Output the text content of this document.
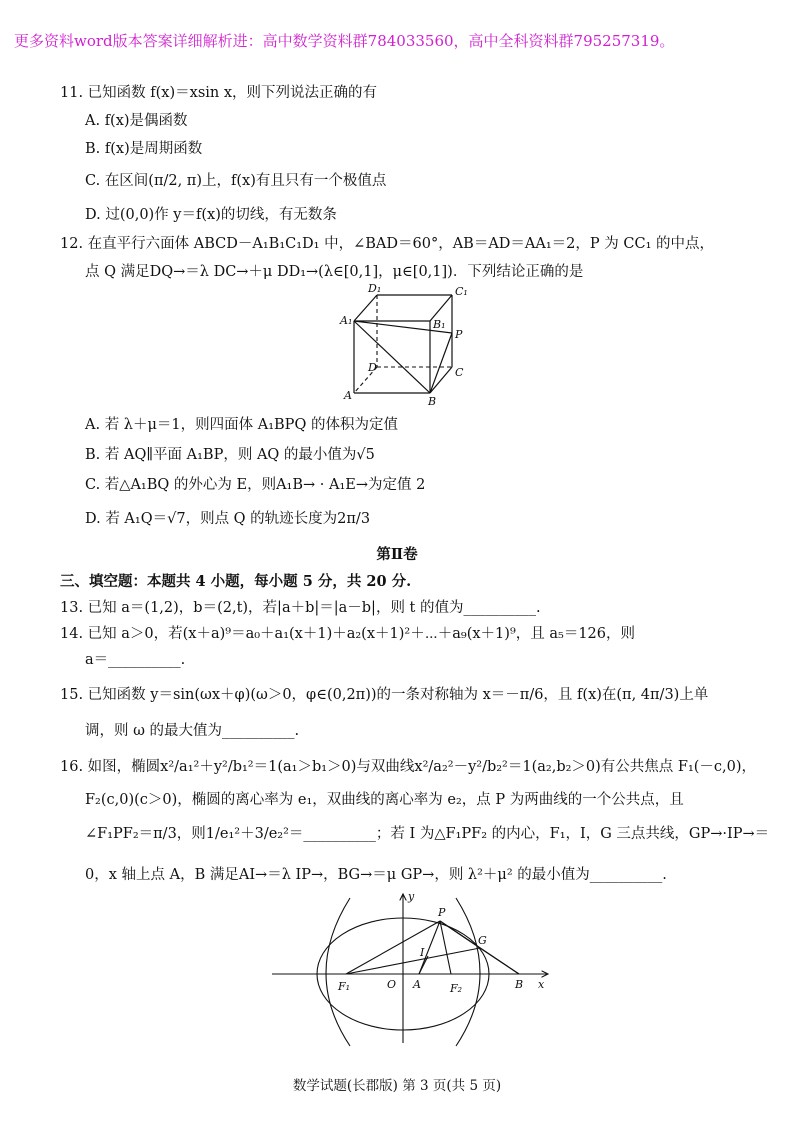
更多资料word版本答案详细解析进：高中数学资料群784033560，高中全科资料群795257319。
11. 已知函数 f(x)＝xsin x，则下列说法正确的有
A. f(x)是偶函数
B. f(x)是周期函数
C. 在区间(π/2, π)上，f(x)有且只有一个极值点
D. 过(0,0)作 y＝f(x)的切线，有无数条
12. 在直平行六面体 ABCD－A₁B₁C₁D₁ 中，∠BAD＝60°，AB＝AD＝AA₁＝2，P 为 CC₁ 的中点，
点 Q 满足DQ→＝λ DC→＋μ DD₁→(λ∈[0,1]，μ∈[0,1])．下列结论正确的是
D₁	C₁
A₁	B₁
P
D	C
A	B
A. 若 λ＋μ＝1，则四面体 A₁BPQ 的体积为定值
B. 若 AQ∥平面 A₁BP，则 AQ 的最小值为√5
C. 若△A₁BQ 的外心为 E，则A₁B→ · A₁E→为定值 2
D. 若 A₁Q＝√7，则点 Q 的轨迹长度为2π/3
第Ⅱ卷
三、填空题：本题共 4 小题，每小题 5 分，共 20 分.
13. 已知 a＝(1,2)，b＝(2,t)，若|a＋b|＝|a－b|，则 t 的值为__________.
14. 已知 a＞0，若(x＋a)⁹＝a₀＋a₁(x＋1)＋a₂(x＋1)²＋⋯＋a₉(x＋1)⁹，且 a₅＝126，则
a＝__________.
15. 已知函数 y＝sin(ωx＋φ)(ω＞0，φ∈(0,2π))的一条对称轴为 x＝－π/6，且 f(x)在(π, 4π/3)上单
调，则 ω 的最大值为__________.
16. 如图，椭圆x²/a₁²＋y²/b₁²＝1(a₁＞b₁＞0)与双曲线x²/a₂²－y²/b₂²＝1(a₂,b₂＞0)有公共焦点 F₁(－c,0)，
F₂(c,0)(c＞0)，椭圆的离心率为 e₁，双曲线的离心率为 e₂，点 P 为两曲线的一个公共点，且
∠F₁PF₂＝π/3，则1/e₁²＋3/e₂²＝__________；若 I 为△F₁PF₂ 的内心，F₁，I，G 三点共线，GP→·IP→＝
0，x 轴上点 A，B 满足AI→＝λ IP→，BG→＝μ GP→，则 λ²＋μ² 的最小值为__________.
y
x
P
G
I
F₁	O A	F₂	B
数学试题(长郡版) 第 3 页(共 5 页)
